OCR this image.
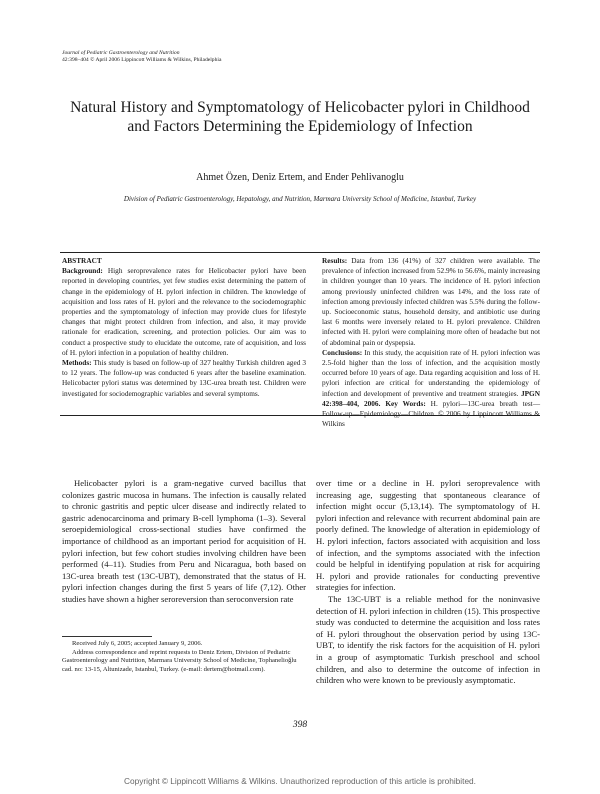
Journal of Pediatric Gastroenterology and Nutrition
42:398–404 © April 2006 Lippincott Williams & Wilkins, Philadelphia
Natural History and Symptomatology of Helicobacter pylori in Childhood and Factors Determining the Epidemiology of Infection
Ahmet Özen, Deniz Ertem, and Ender Pehlivanoglu
Division of Pediatric Gastroenterology, Hepatology, and Nutrition, Marmara University School of Medicine, Istanbul, Turkey
ABSTRACT
Background: High seroprevalence rates for Helicobacter pylori have been reported in developing countries, yet few studies exist determining the pattern of change in the epidemiology of H. pylori infection in children. The knowledge of acquisition and loss rates of H. pylori and the relevance to the sociodemographic properties and the symptomatology of infection may provide clues for lifestyle changes that might protect children from infection, and also, it may provide rationale for eradication, screening, and protection policies. Our aim was to conduct a prospective study to elucidate the outcome, rate of acquisition, and loss of H. pylori infection in a population of healthy children.
Methods: This study is based on follow-up of 327 healthy Turkish children aged 3 to 12 years. The follow-up was conducted 6 years after the baseline examination. Helicobacter pylori status was determined by 13C-urea breath test. Children were investigated for sociodemographic variables and several symptoms.
Results: Data from 136 (41%) of 327 children were available. The prevalence of infection increased from 52.9% to 56.6%, mainly increasing in children younger than 10 years. The incidence of H. pylori infection among previously uninfected children was 14%, and the loss rate of infection among previously infected children was 5.5% during the follow-up. Socioeconomic status, household density, and antibiotic use during last 6 months were inversely related to H. pylori prevalence. Children infected with H. pylori were complaining more often of headache but not of abdominal pain or dyspepsia.
Conclusions: In this study, the acquisition rate of H. pylori infection was 2.5-fold higher than the loss of infection, and the acquisition mostly occurred before 10 years of age. Data regarding acquisition and loss of H. pylori infection are critical for understanding the epidemiology of infection and development of preventive and treatment strategies. JPGN 42:398–404, 2006. Key Words: H. pylori—13C-urea breath test—Follow-up—Epidemiology—Children. © 2006 by Lippincott Williams & Wilkins

Helicobacter pylori is a gram-negative curved bacillus that colonizes gastric mucosa in humans. The infection is causally related to chronic gastritis and peptic ulcer disease and indirectly related to gastric adenocarcinoma and primary B-cell lymphoma (1–3). Several seroepidemiological cross-sectional studies have confirmed the importance of childhood as an important period for acquisition of H. pylori infection, but few cohort studies involving children have been performed (4–11). Studies from Peru and Nicaragua, both based on 13C-urea breath test (13C-UBT), demonstrated that the status of H. pylori infection changes during the first 5 years of life (7,12). Other studies have shown a higher seroreversion than seroconversion rate

over time or a decline in H. pylori seroprevalence with increasing age, suggesting that spontaneous clearance of infection might occur (5,13,14). The symptomatology of H. pylori infection and relevance with recurrent abdominal pain are poorly defined. The knowledge of alteration in epidemiology of H. pylori infection, factors associated with acquisition and loss of infection, and the symptoms associated with the infection could be helpful in identifying population at risk for acquiring H. pylori and provide rationales for conducting preventive strategies for infection.

The 13C-UBT is a reliable method for the noninvasive detection of H. pylori infection in children (15). This prospective study was conducted to determine the acquisition and loss rates of H. pylori throughout the observation period by using 13C-UBT, to identify the risk factors for the acquisition of H. pylori in a group of asymptomatic Turkish preschool and school children, and also to determine the outcome of infection in children who were known to be previously asymptomatic.

Received July 6, 2005; accepted January 9, 2006.

Address correspondence and reprint requests to Deniz Ertem, Division of Pediatric Gastroenterology and Nutrition, Marmara University School of Medicine, Tophanelioğlu cad. no: 13-15, Altunizade, Istanbul, Turkey. (e-mail: dertem@hotmail.com).

398
Copyright © Lippincott Williams & Wilkins. Unauthorized reproduction of this article is prohibited.
